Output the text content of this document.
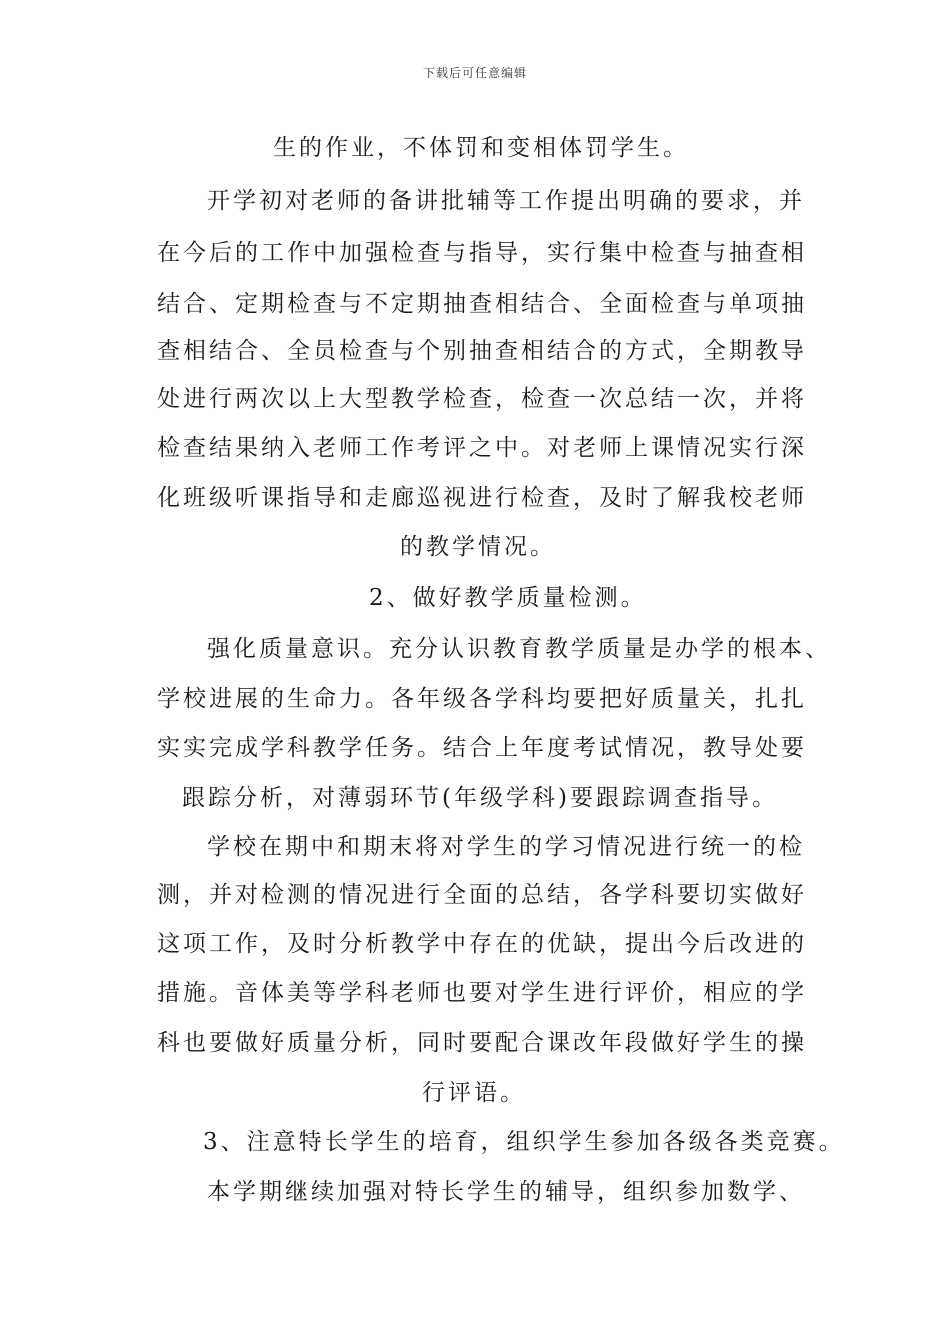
下载后可任意编辑
生的作业，不体罚和变相体罚学生。
开学初对老师的备讲批辅等工作提出明确的要求，并
在今后的工作中加强检查与指导，实行集中检查与抽查相
结合、定期检查与不定期抽查相结合、全面检查与单项抽
查相结合、全员检查与个别抽查相结合的方式，全期教导
处进行两次以上大型教学检查，检查一次总结一次，并将
检查结果纳入老师工作考评之中。对老师上课情况实行深
化班级听课指导和走廊巡视进行检查，及时了解我校老师
的教学情况。
2、做好教学质量检测。
强化质量意识。充分认识教育教学质量是办学的根本、
学校进展的生命力。各年级各学科均要把好质量关，扎扎
实实完成学科教学任务。结合上年度考试情况，教导处要
跟踪分析，对薄弱环节(年级学科)要跟踪调查指导。
学校在期中和期末将对学生的学习情况进行统一的检
测，并对检测的情况进行全面的总结，各学科要切实做好
这项工作，及时分析教学中存在的优缺，提出今后改进的
措施。音体美等学科老师也要对学生进行评价，相应的学
科也要做好质量分析，同时要配合课改年段做好学生的操
行评语。
3、注意特长学生的培育，组织学生参加各级各类竞赛。
本学期继续加强对特长学生的辅导，组织参加数学、
